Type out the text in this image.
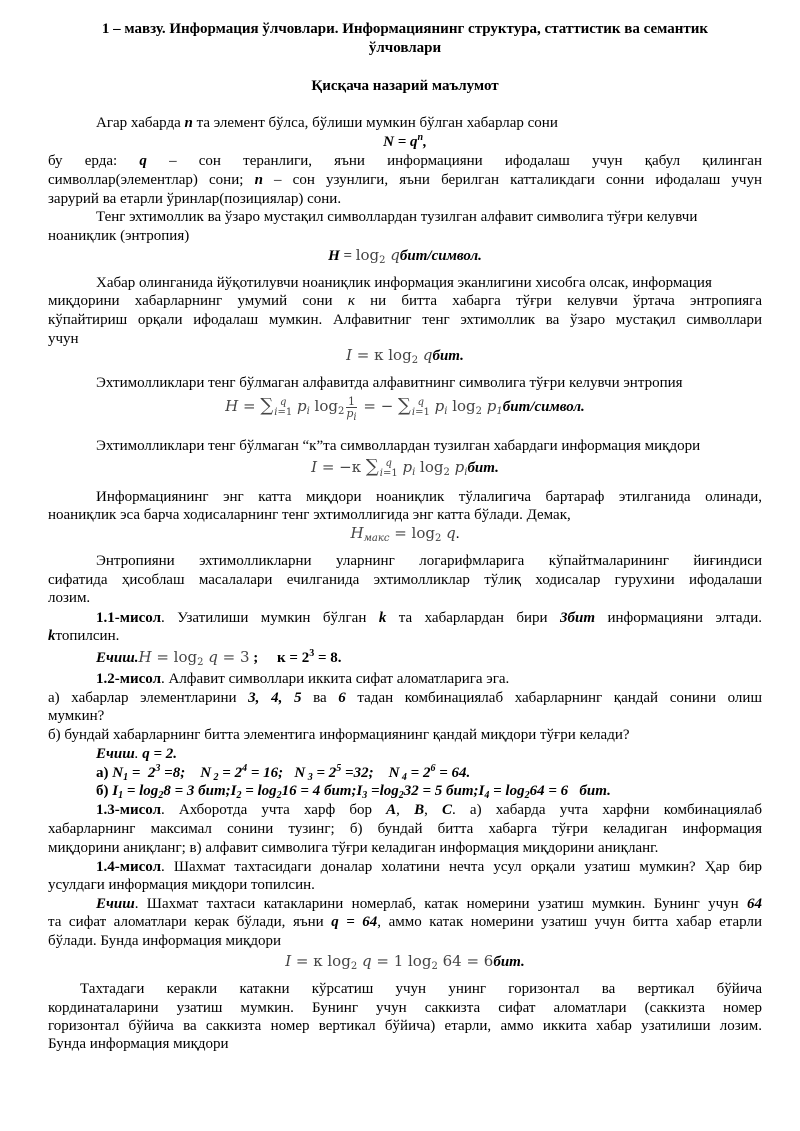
1 – мавзу. Информация ўлчовлари. Информациянинг структура, статтистик ва семантик
ўлчовлари
Қисқача назарий маълумот
Агар хабарда n та элемент бўлса, бўлиши мумкин бўлган хабарлар сони
$N = q^n$,
бу ерда: q – сон теранлиги, яъни информацияни ифодалаш учун қабул қилинган
символлар(элементлар) сони; n – сон узунлиги, яъни берилган катталикдаги сонни ифодалаш учун
зарурий ва етарли ўринлар(позициялар) сони.
Тенг эхтимоллик ва ўзаро мустақил символлардан тузилган алфавит символига тўғри келувчи
ноаниқлик (энтропия)
$H = \log_2$ qбит/символ.
Хабар олинганида йўқотилувчи ноаниқлик информация эканлигини хисобга олсак, информация
миқдорини хабарларнинг умумий сони к ни битта хабарга тўғри келувчи ўртача энтропияга
кўпайтириш орқали ифодалаш мумкин. Алфавитниг тенг эхтимоллик ва ўзаро мустақил символлари
учун
I = к $\log_2$ qбит.
Эхтимолликлари тенг бўлмаган алфавитда алфавитнинг символига тўғри келувчи энтропия
H = ∑ q
i=1 $p_i$ $\log_2 \frac{1}{p_i}$ = − ∑ q
i=1 $p_i$ $\log_2$ $p_1бит$/символ.
Эхтимолликлари тенг бўлмаган “к”та символлардан тузилган хабардаги информация миқдори
I = −к ∑ q
i=1 $p_i$ $\log_2 p_iбит$.
Информациянинг энг катта миқдори ноаниқлик тўлалигича бартараф этилганида олинади,
ноаниқлик эса барча ходисаларнинг тенг эхтимоллигида энг катта бўлади. Демак,
$H_{макс} = \log_2 q$.
Энтропияни эхтимолликларни уларнинг логарифмларига кўпайтмаларининг йиғиндиси
сифатида ҳисоблаш масалалари ечилганида эхтимолликлар тўлиқ ходисалар гурухини ифодалаши
лозим.
1.1-мисол. Узатилиши мумкин бўлган k та хабарлардан бири 3бит информацияни элтади.
kтопилсин.
Ечиш.H = $\log_2 q = 3$ ;     $к = 2^3 = 8$.
1.2-мисол. Алфавит символлари иккита сифат аломатларига эга.
а) хабарлар элементларини 3, 4, 5 ва 6 тадан комбинациялаб хабарларнинг қандай сонини олиш
мумкин?
б) бундай хабарларнинг битта элементига информациянинг қандай миқдори тўғри келади?
Ечиш. q = 2.
а) $N_1 = 2^3 =8$;    N $_2 = 2^4 = 16$;   N $_3 = 2^5 =32$;    N $_4 = 2^6 = 64$.
б) $I_1 = \log_28 = 3$ $бит;I_2 = \log_216 = 4$ $бит;I_3 =\log_232 = 5$ $бит;I_4 = \log_264 = 6$   бит.
1.3-мисол. Ахборотда учта харф бор A, B, C. а) хабарда учта харфни комбинациялаб
хабарларнинг максимал сонини тузинг; б) бундай битта хабарга тўғри келадиган информация
миқдорини аниқланг; в) алфавит символига тўғри келадиган информация миқдорини аниқланг.
1.4-мисол. Шахмат тахтасидаги доналар холатини нечта усул орқали узатиш мумкин? Ҳар бир
усулдаги информация миқдори топилсин.
Ечиш. Шахмат тахтаси катакларини номерлаб, катак номерини узатиш мумкин. Бунинг учун 64
та сифат аломатлари керак бўлади, яъни q = 64, аммо катак номерини узатиш учун битта хабар етарли
бўлади. Бунда информация миқдори
I = к $\log_2 q = 1$ $\log_2 64 = 6бит$.
Тахтадаги керакли катакни кўрсатиш учун унинг горизонтал ва вертикал бўйича
кординаталарини узатиш мумкин. Бунинг учун саккизта сифат аломатлари (саккизта номер
горизонтал бўйича ва саккизта номер вертикал бўйича) етарли, аммо иккита хабар узатилиши лозим.
Бунда информация миқдори
